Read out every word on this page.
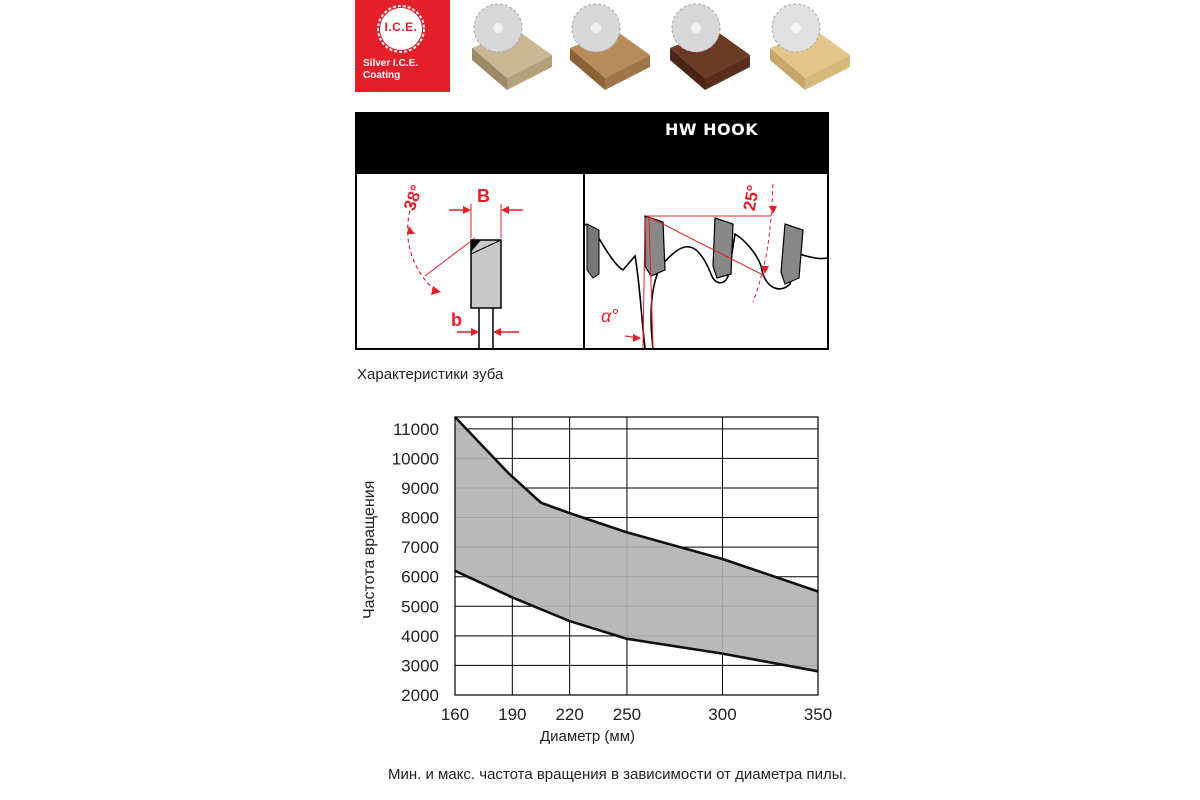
I.C.E.
Silver I.C.E.
Coating
HW HOOK
38°	B
b
25°
α°
Характеристики зуба
2000
3000
4000
5000
6000
7000
8000
9000
10000
11000
160 190 220 250	300	350
Частота вращения
Диаметр (мм)
Мин. и макс. частота вращения в зависимости от диаметра пилы.
